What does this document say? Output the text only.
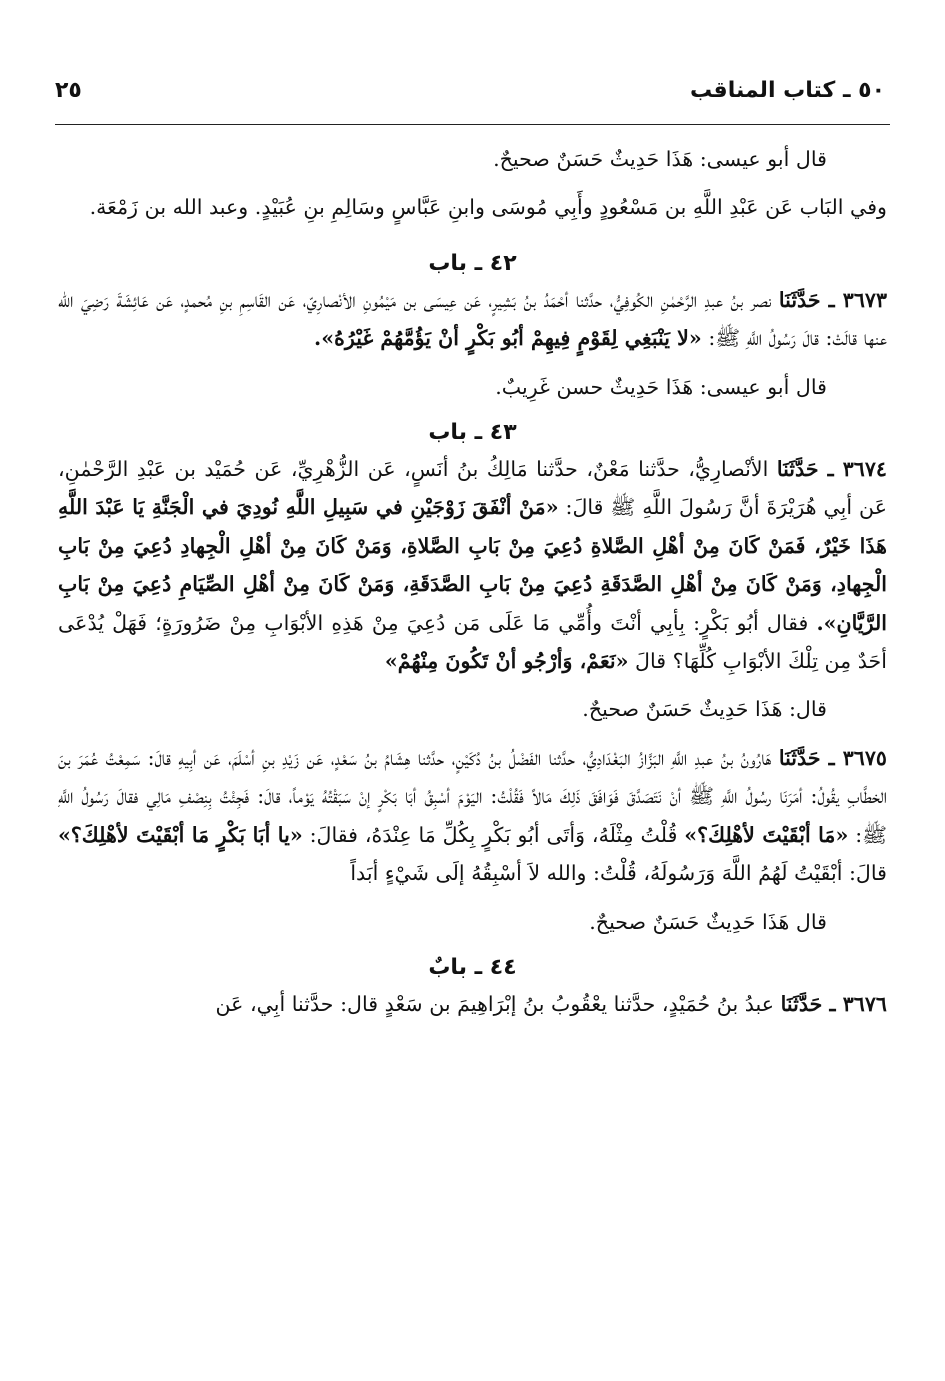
٥٠ ـ كتاب المناقب
٢٥

قال أبو عيسى: هَذَا حَدِيثٌ حَسَنٌ صحيحٌ.

وفي البَاب عَن عَبْدِ اللَّهِ بن مَسْعُودٍ وأَبِي مُوسَى وابنِ عَبَّاسٍ وسَالِمِ بنِ عُبَيْدٍ. وعبد الله بن زَمْعَة.

٤٢ ـ باب

٣٦٧٣ ـ حَدَّثَنَا نصر بنُ عبدِ الرَّحْمٰنِ الكُوفِيُّ، حدَّثنا أحْمَدُ بنُ بَشِيرٍ، عَن عِيسَى بن مَيْمُونِ الأنْصارِيّ، عَن القَاسِمِ بنِ مُحمدٍ، عَن عَائِشَةَ رَضِيَ الله عنها قالَتْ: قالَ رَسُولُ اللَّهِ ﷺ: «لا يَنْبَغِي لِقَوْمٍ فِيهِمْ أبُو بَكْرٍ أنْ يَؤُمَّهُمْ غَيْرُهُ».

قال أبو عيسى: هَذَا حَدِيثٌ حسن غَرِيبٌ.

٤٣ ـ باب

٣٦٧٤ ـ حَدَّثَنَا الأنْصارِيُّ، حدَّثنا مَعْنٌ، حدَّثنا مَالِكُ بنُ أنَسٍ، عَن الزُّهْرِيِّ، عَن حُمَيْد بن عَبْدِ الرَّحْمٰنِ، عَن أبِي هُرَيْرَةَ أنَّ رَسُولَ اللَّهِ ﷺ قالَ: «مَنْ أنْفَقَ زَوْجَيْنِ في سَبِيلِ اللَّهِ نُودِيَ في الْجَنَّةِ يَا عَبْدَ اللَّهِ هَذَا خَيْرٌ، فَمَنْ كَانَ مِنْ أهْلِ الصَّلاةِ دُعِيَ مِنْ بَابِ الصَّلاةِ، وَمَنْ كَانَ مِنْ أهْلِ الْجِهادِ دُعِيَ مِنْ بَابِ الْجِهادِ، وَمَنْ كَانَ مِنْ أهْلِ الصَّدَقَةِ دُعِيَ مِنْ بَابِ الصَّدَقَةِ، وَمَنْ كَانَ مِنْ أهْلِ الصِّيَامِ دُعِيَ مِنْ بَابِ الرَّيَّانِ». فقال أبُو بَكْرٍ: بِأبِي أنْتَ وأُمِّي مَا عَلَى مَن دُعِيَ مِنْ هَذِهِ الأبْوَابِ مِنْ ضَرُورَةٍ؛ فَهَلْ يُدْعَى أحَدٌ مِن تِلْكَ الأبْوَابِ كُلِّهَا؟ قالَ «نَعَمْ، وَأرْجُو أنْ تَكُونَ مِنْهُمْ»

قال: هَذَا حَدِيثٌ حَسَنٌ صحيحٌ.

٣٦٧٥ ـ حَدَّثَنَا هَارُونُ بنُ عبدِ اللَّهِ البَزَّازُ البَغْدَادِيُّ، حدَّثنا الفَضْلُ بنُ دُكَيْنٍ، حدَّثنا هِشَامُ بنُ سَعْدٍ، عَن زَيْدِ بنِ أسْلَمَ، عَن أبِيهِ قالَ: سَمِعْتُ عُمَرَ بنَ الخطَّابِ يقُولُ: أمَرَنَا رسُولُ اللَّهِ ﷺ أنْ نَتَصَدَّقَ فَوَافَقَ ذَلِكَ مَالاً فَقُلْتُ: اليَوْمَ أسْبِقُ أبَا بَكْرٍ إنْ سَبَقْتُهُ يَوْماً، قالَ: فَجِئْتُ بِنِصْفِ مَالِي فقالَ رَسُولُ اللَّهِ ﷺ: «مَا أبْقَيْتَ لأهْلِكَ؟» قُلْتُ مِثْلَهُ، وَأتَى أبُو بَكْرٍ بِكُلِّ مَا عِنْدَهُ، فقالَ: «يا أبَا بَكْرٍ مَا أبْقَيْتَ لأهْلِكَ؟» قالَ: أبْقَيْتُ لَهُمُ اللَّهَ وَرَسُولَهُ، قُلْتُ: والله لاَ أسْبِقُهُ إلَى شَيْءٍ أبَداً

قال هَذَا حَدِيثٌ حَسَنٌ صحيحٌ.

٤٤ ـ بابٌ

٣٦٧٦ ـ حَدَّثَنَا عبدُ بنُ حُمَيْدٍ، حدَّثنا يعْقُوبُ بنُ إبْرَاهِيمَ بن سَعْدٍ قال: حدَّثنا أبِي، عَن
